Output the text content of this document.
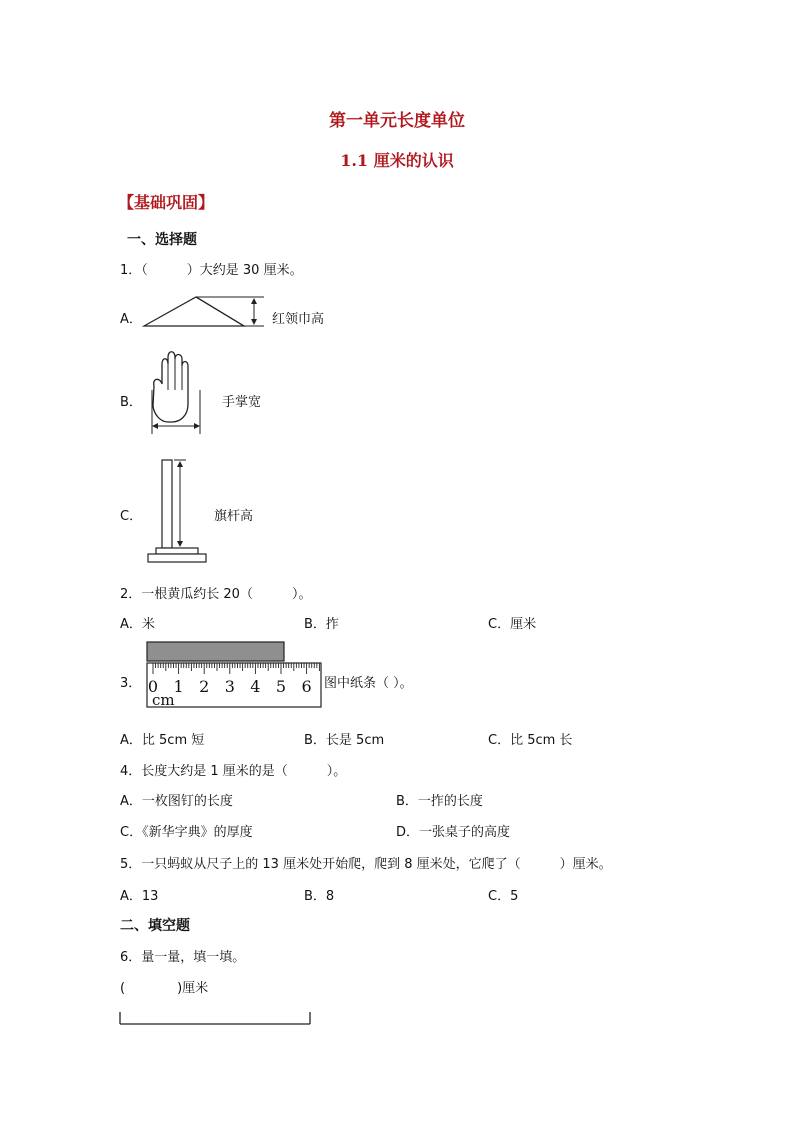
第一单元长度单位
1.1 厘米的认识
【基础巩固】
一、选择题
1．（　　　）大约是 30 厘米。
A．	红领巾高
B．	手掌宽
C．	旗杆高
2．一根黄瓜约长 20（　　　）。
A．米	B．拃	C．厘米
3． 0 1 2 3 4 5 6
cm
图中纸条（ ）。
A．比 5cm 短	B．长是 5cm	C．比 5cm 长
4．长度大约是 1 厘米的是（　　　）。
A．一枚图钉的长度	B．一拃的长度
C．《新华字典》的厚度	D．一张桌子的高度
5．一只蚂蚁从尺子上的 13 厘米处开始爬，爬到 8 厘米处，它爬了（　　　）厘米。
A．13	B．8	C．5
二、填空题
6．量一量，填一填。
(　　　　)厘米
